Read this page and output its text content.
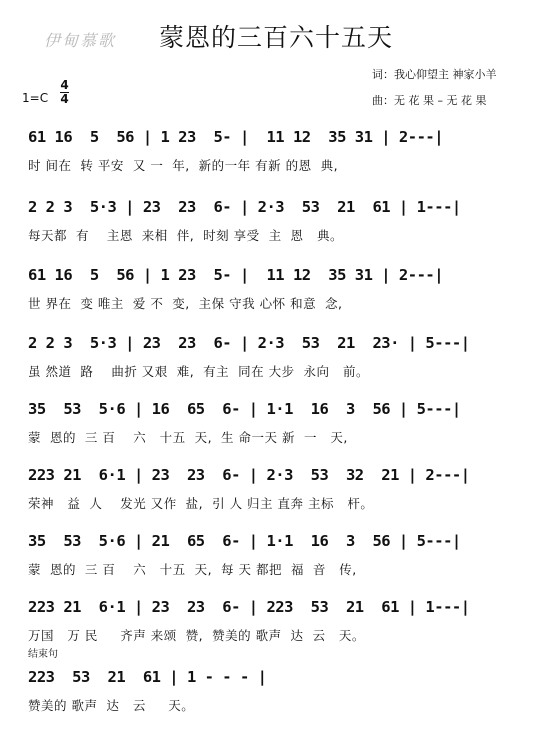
伊甸慕歌	蒙恩的三百六十五天
词：我心仰望主 神家小羊
曲：无 花 果 – 无 花 果
1=C
4
4
61 16  5  56 | 1 23  5- |  11 12  35 31 | 2---|
时 间在  转 平安  又 一  年,  新的一年 有新 的恩  典,
2 2 3  5·3 | 23  23  6- | 2·3  53  21  61 | 1---|
每天都  有    主恩  来相  伴,  时刻 享受  主  恩   典。
61 16  5  56 | 1 23  5- |  11 12  35 31 | 2---|
世 界在  变 唯主  爱 不  变,  主保 守我 心怀 和意  念,
2 2 3  5·3 | 23  23  6- | 2·3  53  21  23· | 5---|
虽 然道  路    曲折 又艰  难,  有主  同在 大步  永向   前。
35  53  5·6 | 16  65  6- | 1·1  16  3  56 | 5---|
蒙  恩的  三 百    六   十五  天,  生 命一天 新  一   天,
223 21  6·1 | 23  23  6- | 2·3  53  32  21 | 2---|
荣神   益  人    发光 又作  盐,  引 人 归主 直奔 主标   杆。
35  53  5·6 | 21  65  6- | 1·1  16  3  56 | 5---|
蒙  恩的  三 百    六   十五  天,  每 天 都把  福  音   传,
223 21  6·1 | 23  23  6- | 223  53  21  61 | 1---|
万国   万 民     齐声 来颂  赞,  赞美的 歌声  达  云   天。
结束句
223  53  21  61 | 1 - - - |
赞美的 歌声  达   云     天。
